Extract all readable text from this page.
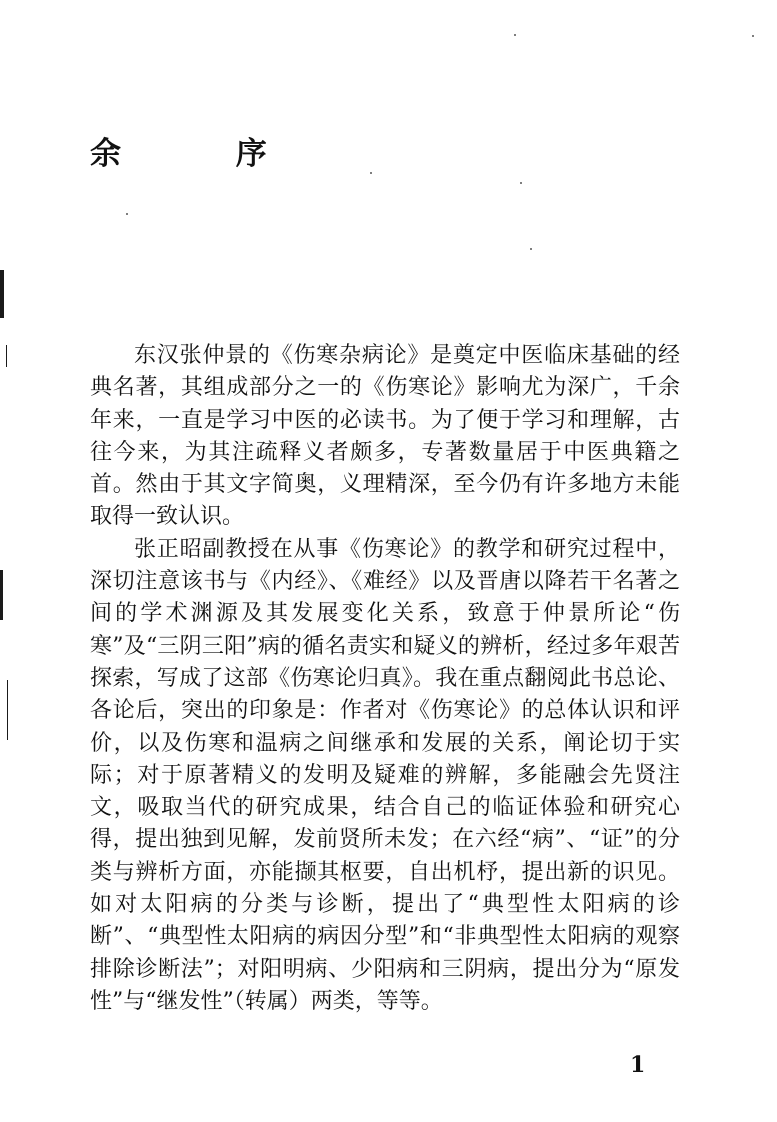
余 序

东汉张仲景的《伤寒杂病论》是奠定中医临床基础的经典名著，其组成部分之一的《伤寒论》影响尤为深广，千余年来，一直是学习中医的必读书。为了便于学习和理解，古往今来，为其注疏释义者颇多，专著数量居于中医典籍之首。然由于其文字简奥，义理精深，至今仍有许多地方未能取得一致认识。

张正昭副教授在从事《伤寒论》的教学和研究过程中，深切注意该书与《内经》、《难经》以及晋唐以降若干名著之间的学术渊源及其发展变化关系，致意于仲景所论“伤寒”及“三阴三阳”病的循名责实和疑义的辨析，经过多年艰苦探索，写成了这部《伤寒论归真》。我在重点翻阅此书总论、各论后，突出的印象是：作者对《伤寒论》的总体认识和评价，以及伤寒和温病之间继承和发展的关系，阐论切于实际；对于原著精义的发明及疑难的辨解，多能融会先贤注文，吸取当代的研究成果，结合自己的临证体验和研究心得，提出独到见解，发前贤所未发；在六经“病”、“证”的分类与辨析方面，亦能撷其枢要，自出机杼，提出新的识见。如对太阳病的分类与诊断，提出了“典型性太阳病的诊断”、“典型性太阳病的病因分型”和“非典型性太阳病的观察排除诊断法”；对阳明病、少阳病和三阴病，提出分为“原发性”与“继发性”（转属）两类，等等。

1
